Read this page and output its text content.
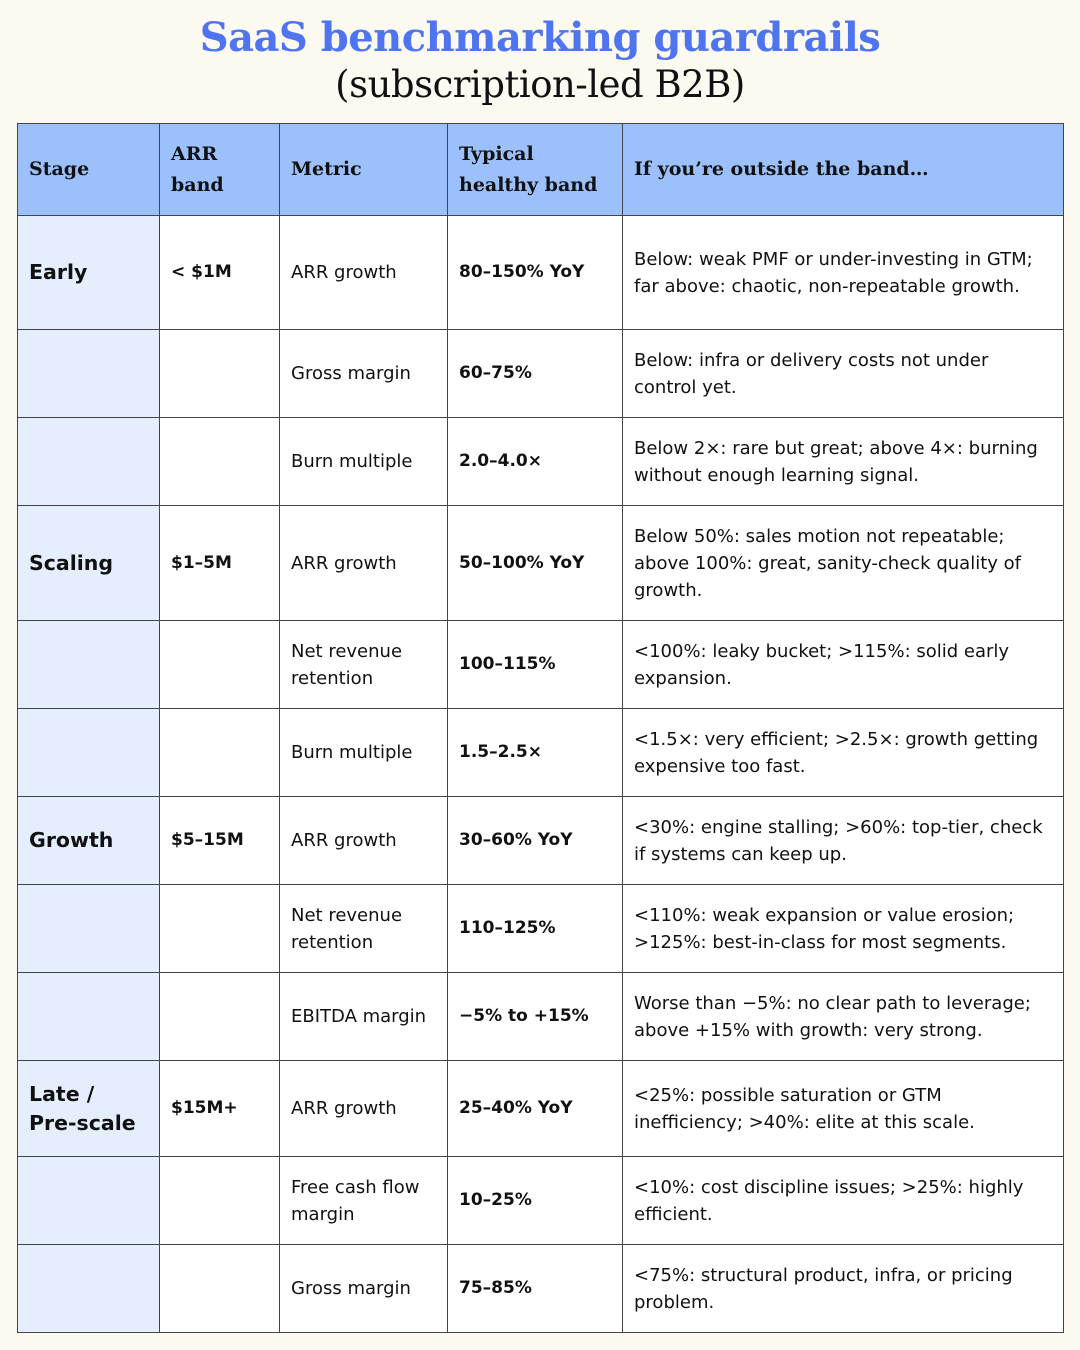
SaaS benchmarking guardrails
(subscription-led B2B)
Stage	ARR band	Metric	Typical healthy band	If you’re outside the band…
Early	< $1M	ARR growth	80–150% YoY	Below: weak PMF or under-investing in GTM; far above: chaotic, non-repeatable growth.
		Gross margin	60–75%	Below: infra or delivery costs not under control yet.
		Burn multiple	2.0–4.0×	Below 2×: rare but great; above 4×: burning without enough learning signal.
Scaling	$1–5M	ARR growth	50–100% YoY	Below 50%: sales motion not repeatable; above 100%: great, sanity-check quality of growth.
		Net revenue retention	100–115%	<100%: leaky bucket; >115%: solid early expansion.
		Burn multiple	1.5–2.5×	<1.5×: very efficient; >2.5×: growth getting expensive too fast.
Growth	$5–15M	ARR growth	30–60% YoY	<30%: engine stalling; >60%: top-tier, check if systems can keep up.
		Net revenue retention	110–125%	<110%: weak expansion or value erosion; >125%: best-in-class for most segments.
		EBITDA margin	−5% to +15%	Worse than −5%: no clear path to leverage; above +15% with growth: very strong.
Late / Pre-scale	$15M+	ARR growth	25–40% YoY	<25%: possible saturation or GTM inefficiency; >40%: elite at this scale.
		Free cash flow margin	10–25%	<10%: cost discipline issues; >25%: highly efficient.
		Gross margin	75–85%	<75%: structural product, infra, or pricing problem.
